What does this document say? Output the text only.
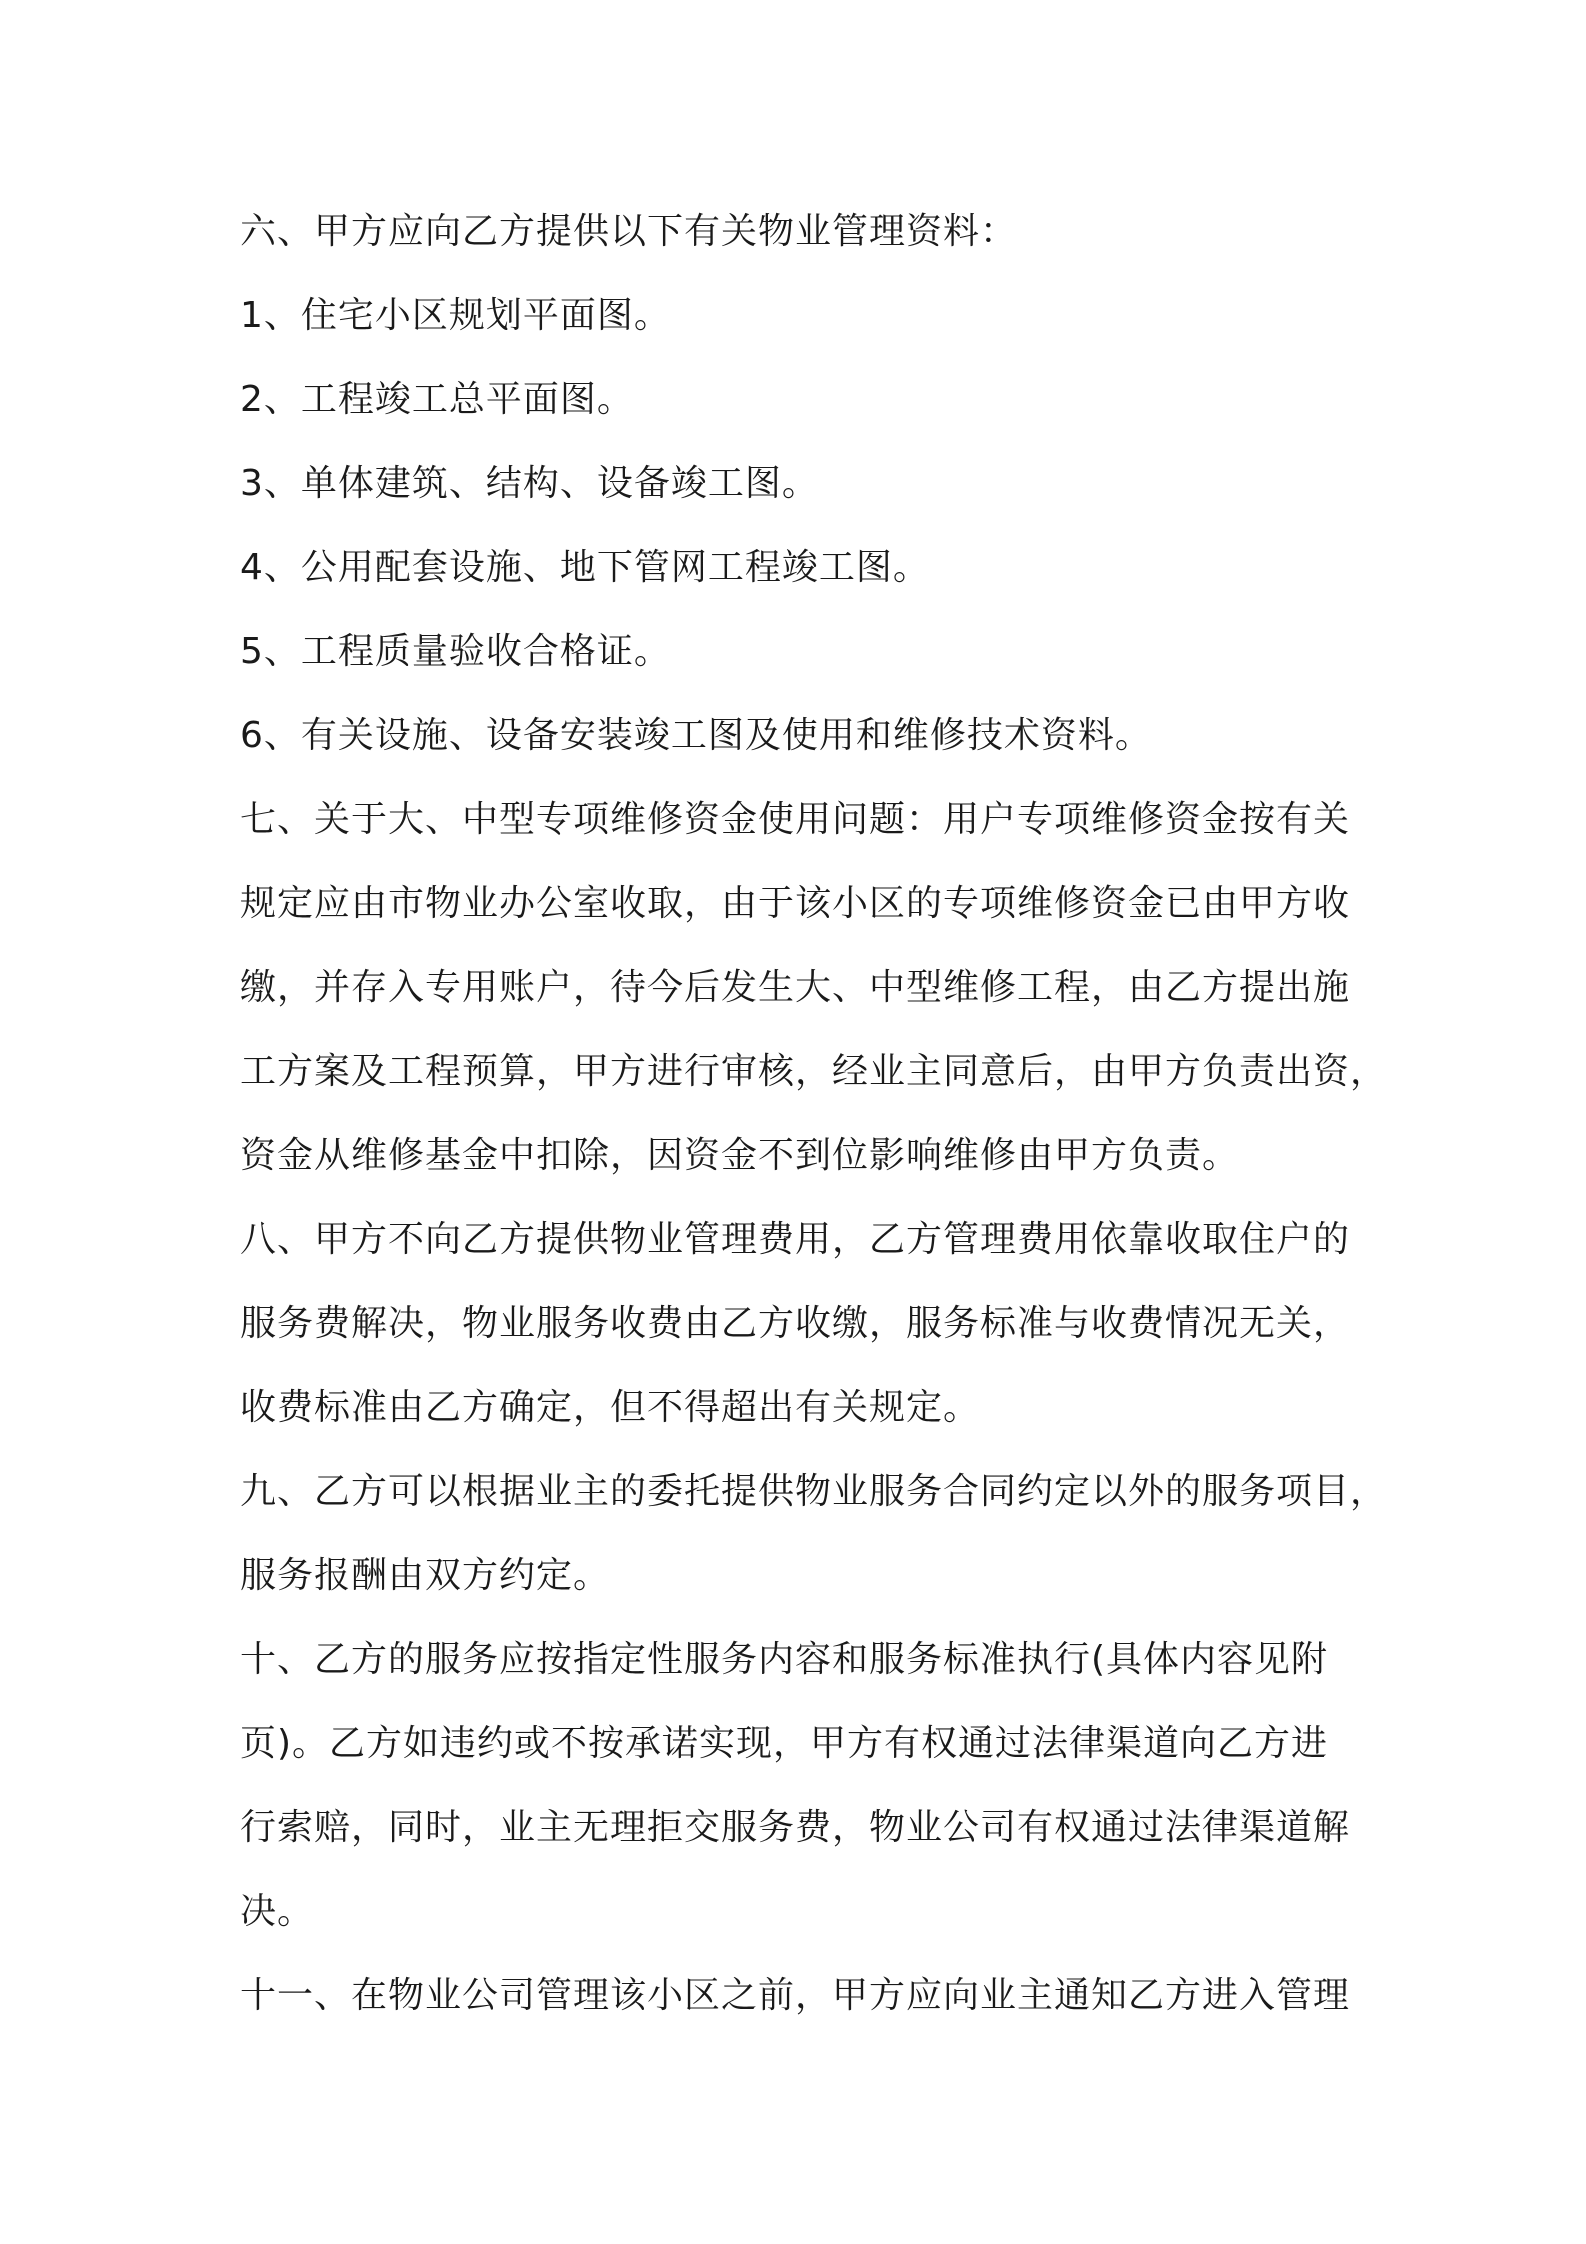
六、甲方应向乙方提供以下有关物业管理资料：
1、住宅小区规划平面图。
2、工程竣工总平面图。
3、单体建筑、结构、设备竣工图。
4、公用配套设施、地下管网工程竣工图。
5、工程质量验收合格证。
6、有关设施、设备安装竣工图及使用和维修技术资料。
七、关于大、中型专项维修资金使用问题：用户专项维修资金按有关
规定应由市物业办公室收取，由于该小区的专项维修资金已由甲方收
缴，并存入专用账户，待今后发生大、中型维修工程，由乙方提出施
工方案及工程预算，甲方进行审核，经业主同意后，由甲方负责出资，
资金从维修基金中扣除，因资金不到位影响维修由甲方负责。
八、甲方不向乙方提供物业管理费用，乙方管理费用依靠收取住户的
服务费解决，物业服务收费由乙方收缴，服务标准与收费情况无关，
收费标准由乙方确定，但不得超出有关规定。
九、乙方可以根据业主的委托提供物业服务合同约定以外的服务项目，
服务报酬由双方约定。
十、乙方的服务应按指定性服务内容和服务标准执行(具体内容见附
页)。乙方如违约或不按承诺实现，甲方有权通过法律渠道向乙方进
行索赔，同时，业主无理拒交服务费，物业公司有权通过法律渠道解
决。
十一、在物业公司管理该小区之前，甲方应向业主通知乙方进入管理
